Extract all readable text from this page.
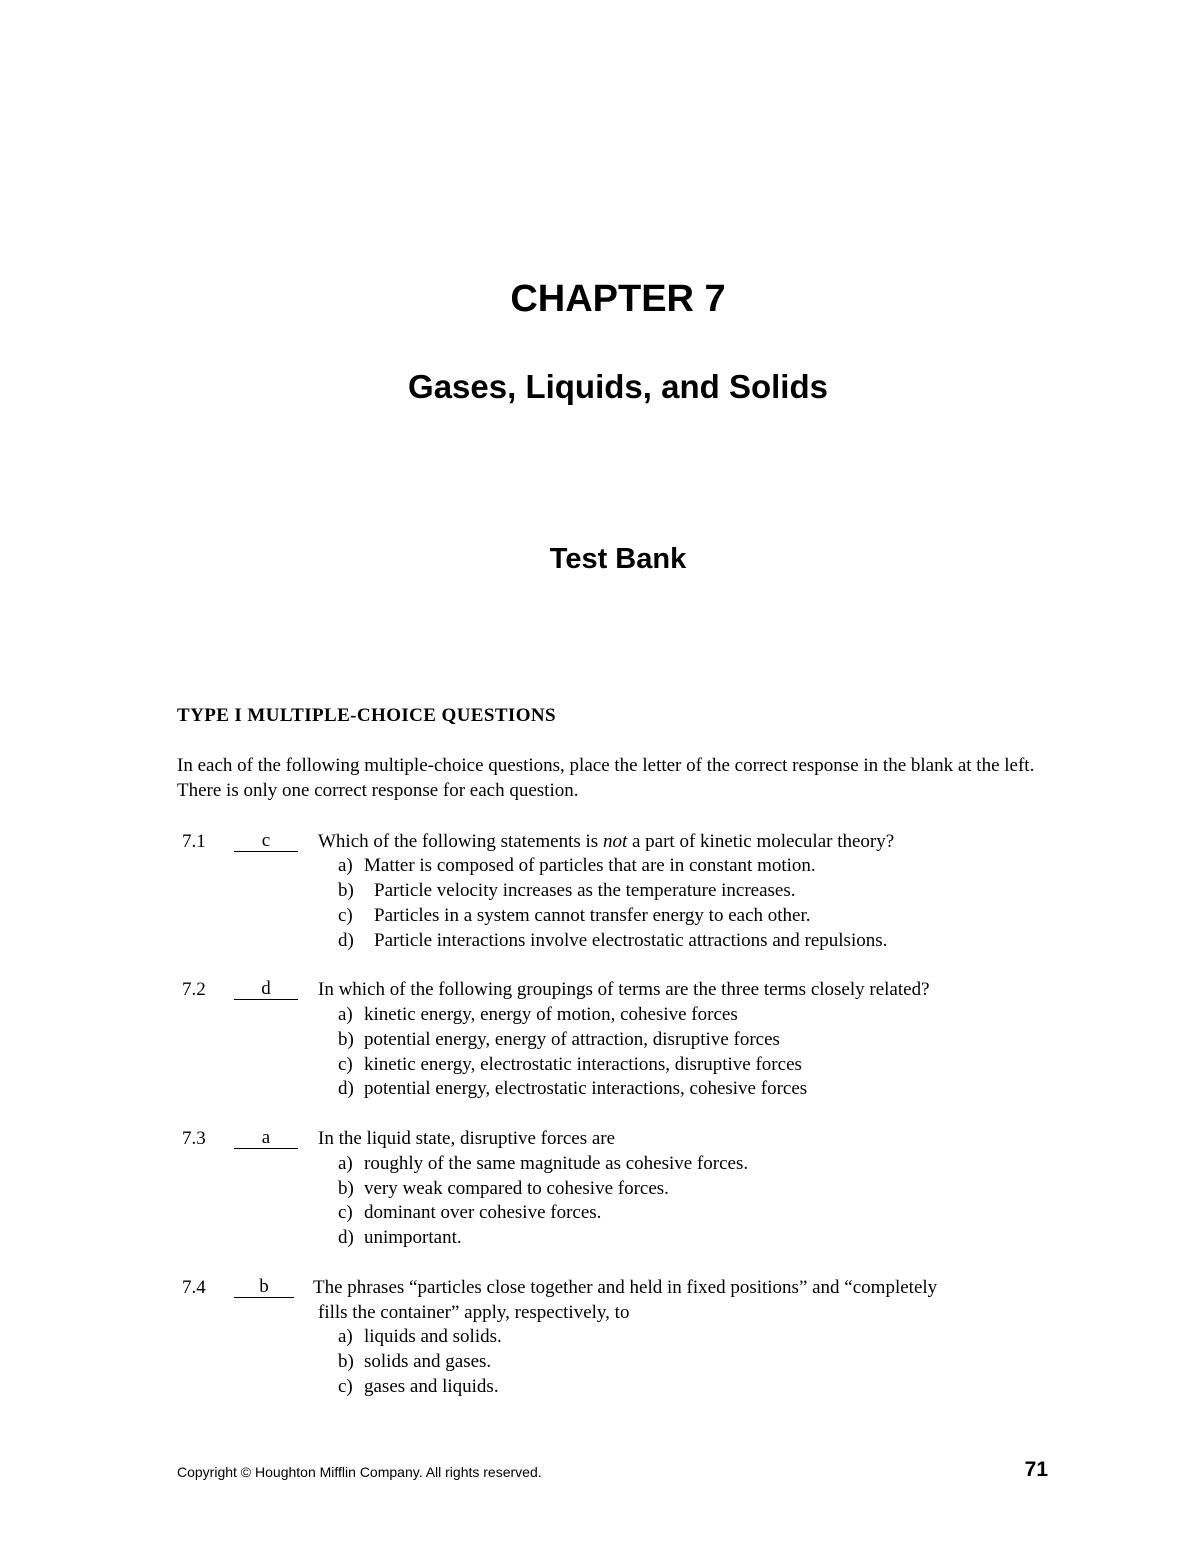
CHAPTER 7
Gases, Liquids, and Solids
Test Bank
TYPE I MULTIPLE-CHOICE QUESTIONS
In each of the following multiple-choice questions, place the letter of the correct response in the blank at the left. There is only one correct response for each question.
7.1	c	Which of the following statements is not a part of kinetic molecular theory?
a) Matter is composed of particles that are in constant motion.
b) Particle velocity increases as the temperature increases.
c) Particles in a system cannot transfer energy to each other.
d) Particle interactions involve electrostatic attractions and repulsions.
7.2	d	In which of the following groupings of terms are the three terms closely related?
a) kinetic energy, energy of motion, cohesive forces
b) potential energy, energy of attraction, disruptive forces
c) kinetic energy, electrostatic interactions, disruptive forces
d) potential energy, electrostatic interactions, cohesive forces
7.3	a	In the liquid state, disruptive forces are
a) roughly of the same magnitude as cohesive forces.
b) very weak compared to cohesive forces.
c) dominant over cohesive forces.
d) unimportant.
7.4	b	The phrases “particles close together and held in fixed positions” and “completely
fills the container” apply, respectively, to
a) liquids and solids.
b) solids and gases.
c) gases and liquids.
Copyright © Houghton Mifflin Company. All rights reserved.	71
